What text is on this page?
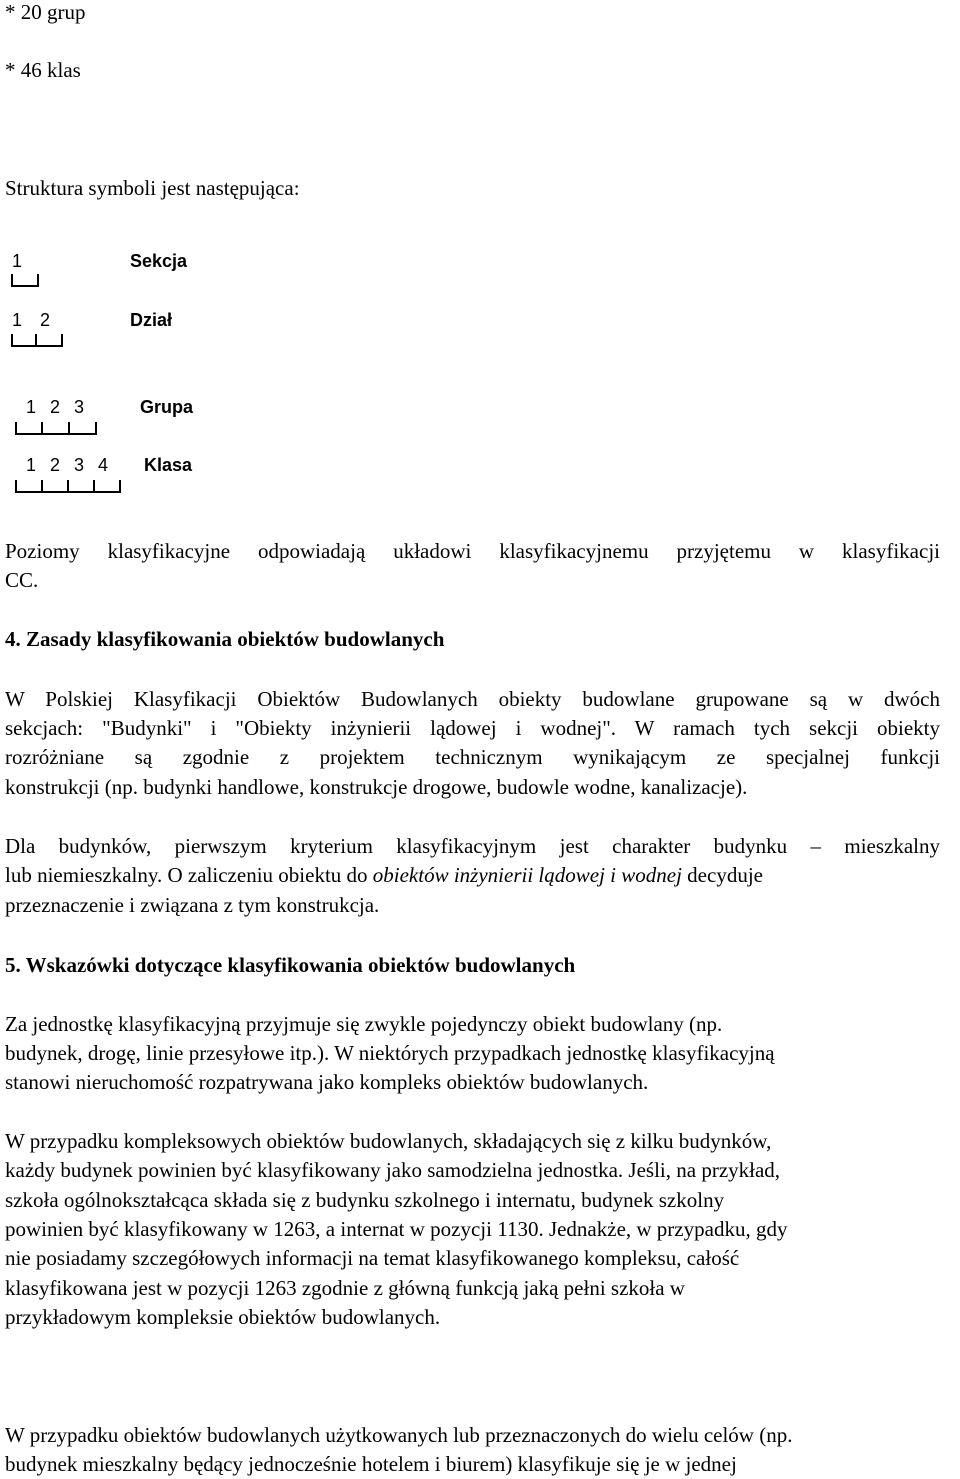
* 20 grup
* 46 klas
Struktura symboli jest następująca:
1	Sekcja
1 2	Dział
1 2 3	Grupa
1 2 3 4 Klasa
Poziomy klasyfikacyjne odpowiadają układowi klasyfikacyjnemu przyjętemu w klasyfikacji
CC.
4. Zasady klasyfikowania obiektów budowlanych
W Polskiej Klasyfikacji Obiektów Budowlanych obiekty budowlane grupowane są w dwóch
sekcjach: "Budynki" i "Obiekty inżynierii lądowej i wodnej". W ramach tych sekcji obiekty
rozróżniane są zgodnie z projektem technicznym wynikającym ze specjalnej funkcji
konstrukcji (np. budynki handlowe, konstrukcje drogowe, budowle wodne, kanalizacje).
Dla budynków, pierwszym kryterium klasyfikacyjnym jest charakter budynku – mieszkalny
lub niemieszkalny. O zaliczeniu obiektu do obiektów inżynierii lądowej i wodnej decyduje
przeznaczenie i związana z tym konstrukcja.
5. Wskazówki dotyczące klasyfikowania obiektów budowlanych
Za jednostkę klasyfikacyjną przyjmuje się zwykle pojedynczy obiekt budowlany (np.
budynek, drogę, linie przesyłowe itp.). W niektórych przypadkach jednostkę klasyfikacyjną
stanowi nieruchomość rozpatrywana jako kompleks obiektów budowlanych.
W przypadku kompleksowych obiektów budowlanych, składających się z kilku budynków,
każdy budynek powinien być klasyfikowany jako samodzielna jednostka. Jeśli, na przykład,
szkoła ogólnokształcąca składa się z budynku szkolnego i internatu, budynek szkolny
powinien być klasyfikowany w 1263, a internat w pozycji 1130. Jednakże, w przypadku, gdy
nie posiadamy szczegółowych informacji na temat klasyfikowanego kompleksu, całość
klasyfikowana jest w pozycji 1263 zgodnie z główną funkcją jaką pełni szkoła w
przykładowym kompleksie obiektów budowlanych.
W przypadku obiektów budowlanych użytkowanych lub przeznaczonych do wielu celów (np.
budynek mieszkalny będący jednocześnie hotelem i biurem) klasyfikuje się je w jednej
